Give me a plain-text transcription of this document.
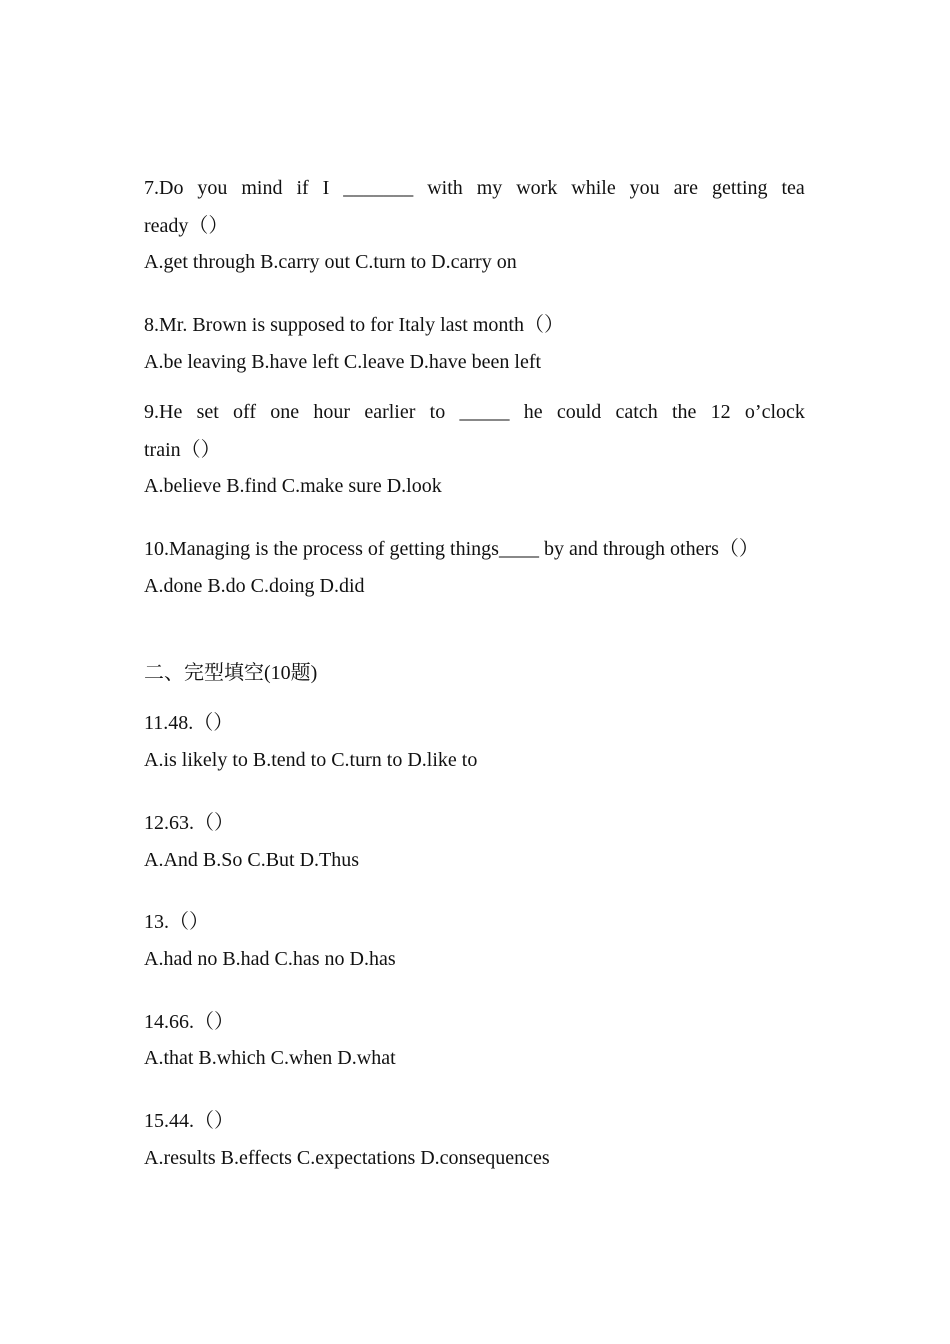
7.Do you mind if I _______ with my work while you are getting tea
ready（）
A.get through B.carry out C.turn to D.carry on
8.Mr. Brown is supposed to for Italy last month（）
A.be leaving B.have left C.leave D.have been left
9.He set off one hour earlier to _____ he could catch the 12 o’clock
train（）
A.believe B.find C.make sure D.look
10.Managing is the process of getting things____ by and through others（）
A.done B.do C.doing D.did
二、完型填空(10题)
11.48.（）
A.is likely to B.tend to C.turn to D.like to
12.63.（）
A.And B.So C.But D.Thus
13.（）
A.had no B.had C.has no D.has
14.66.（）
A.that B.which C.when D.what
15.44.（）
A.results B.effects C.expectations D.consequences
